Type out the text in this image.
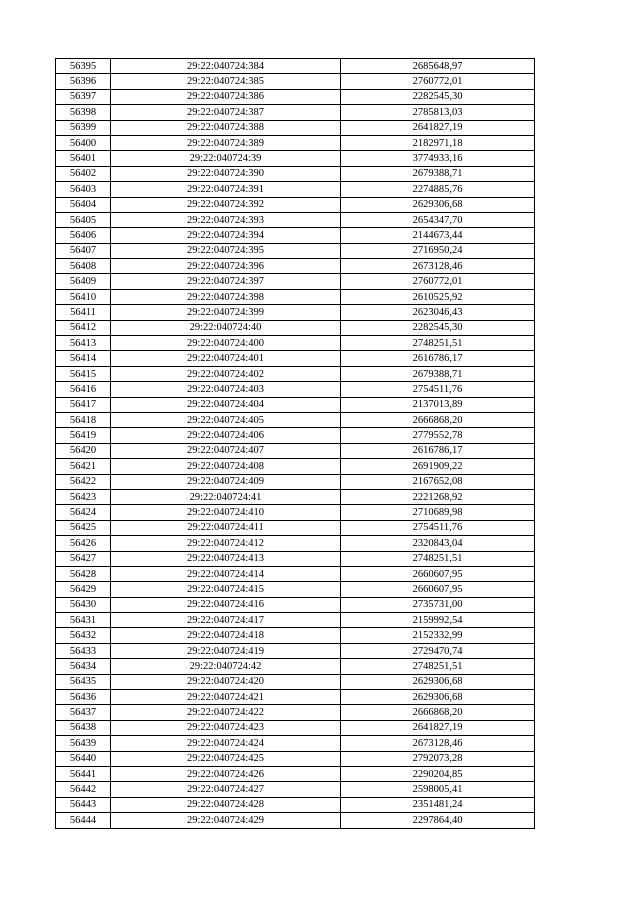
56395	29:22:040724:384	2685648,97
56396	29:22:040724:385	2760772,01
56397	29:22:040724:386	2282545,30
56398	29:22:040724:387	2785813,03
56399	29:22:040724:388	2641827,19
56400	29:22:040724:389	2182971,18
56401	29:22:040724:39	3774933,16
56402	29:22:040724:390	2679388,71
56403	29:22:040724:391	2274885,76
56404	29:22:040724:392	2629306,68
56405	29:22:040724:393	2654347,70
56406	29:22:040724:394	2144673,44
56407	29:22:040724:395	2716950,24
56408	29:22:040724:396	2673128,46
56409	29:22:040724:397	2760772,01
56410	29:22:040724:398	2610525,92
56411	29:22:040724:399	2623046,43
56412	29:22:040724:40	2282545,30
56413	29:22:040724:400	2748251,51
56414	29:22:040724:401	2616786,17
56415	29:22:040724:402	2679388,71
56416	29:22:040724:403	2754511,76
56417	29:22:040724:404	2137013,89
56418	29:22:040724:405	2666868,20
56419	29:22:040724:406	2779552,78
56420	29:22:040724:407	2616786,17
56421	29:22:040724:408	2691909,22
56422	29:22:040724:409	2167652,08
56423	29:22:040724:41	2221268,92
56424	29:22:040724:410	2710689,98
56425	29:22:040724:411	2754511,76
56426	29:22:040724:412	2320843,04
56427	29:22:040724:413	2748251,51
56428	29:22:040724:414	2660607,95
56429	29:22:040724:415	2660607,95
56430	29:22:040724:416	2735731,00
56431	29:22:040724:417	2159992,54
56432	29:22:040724:418	2152332,99
56433	29:22:040724:419	2729470,74
56434	29:22:040724:42	2748251,51
56435	29:22:040724:420	2629306,68
56436	29:22:040724:421	2629306,68
56437	29:22:040724:422	2666868,20
56438	29:22:040724:423	2641827,19
56439	29:22:040724:424	2673128,46
56440	29:22:040724:425	2792073,28
56441	29:22:040724:426	2290204,85
56442	29:22:040724:427	2598005,41
56443	29:22:040724:428	2351481,24
56444	29:22:040724:429	2297864,40
